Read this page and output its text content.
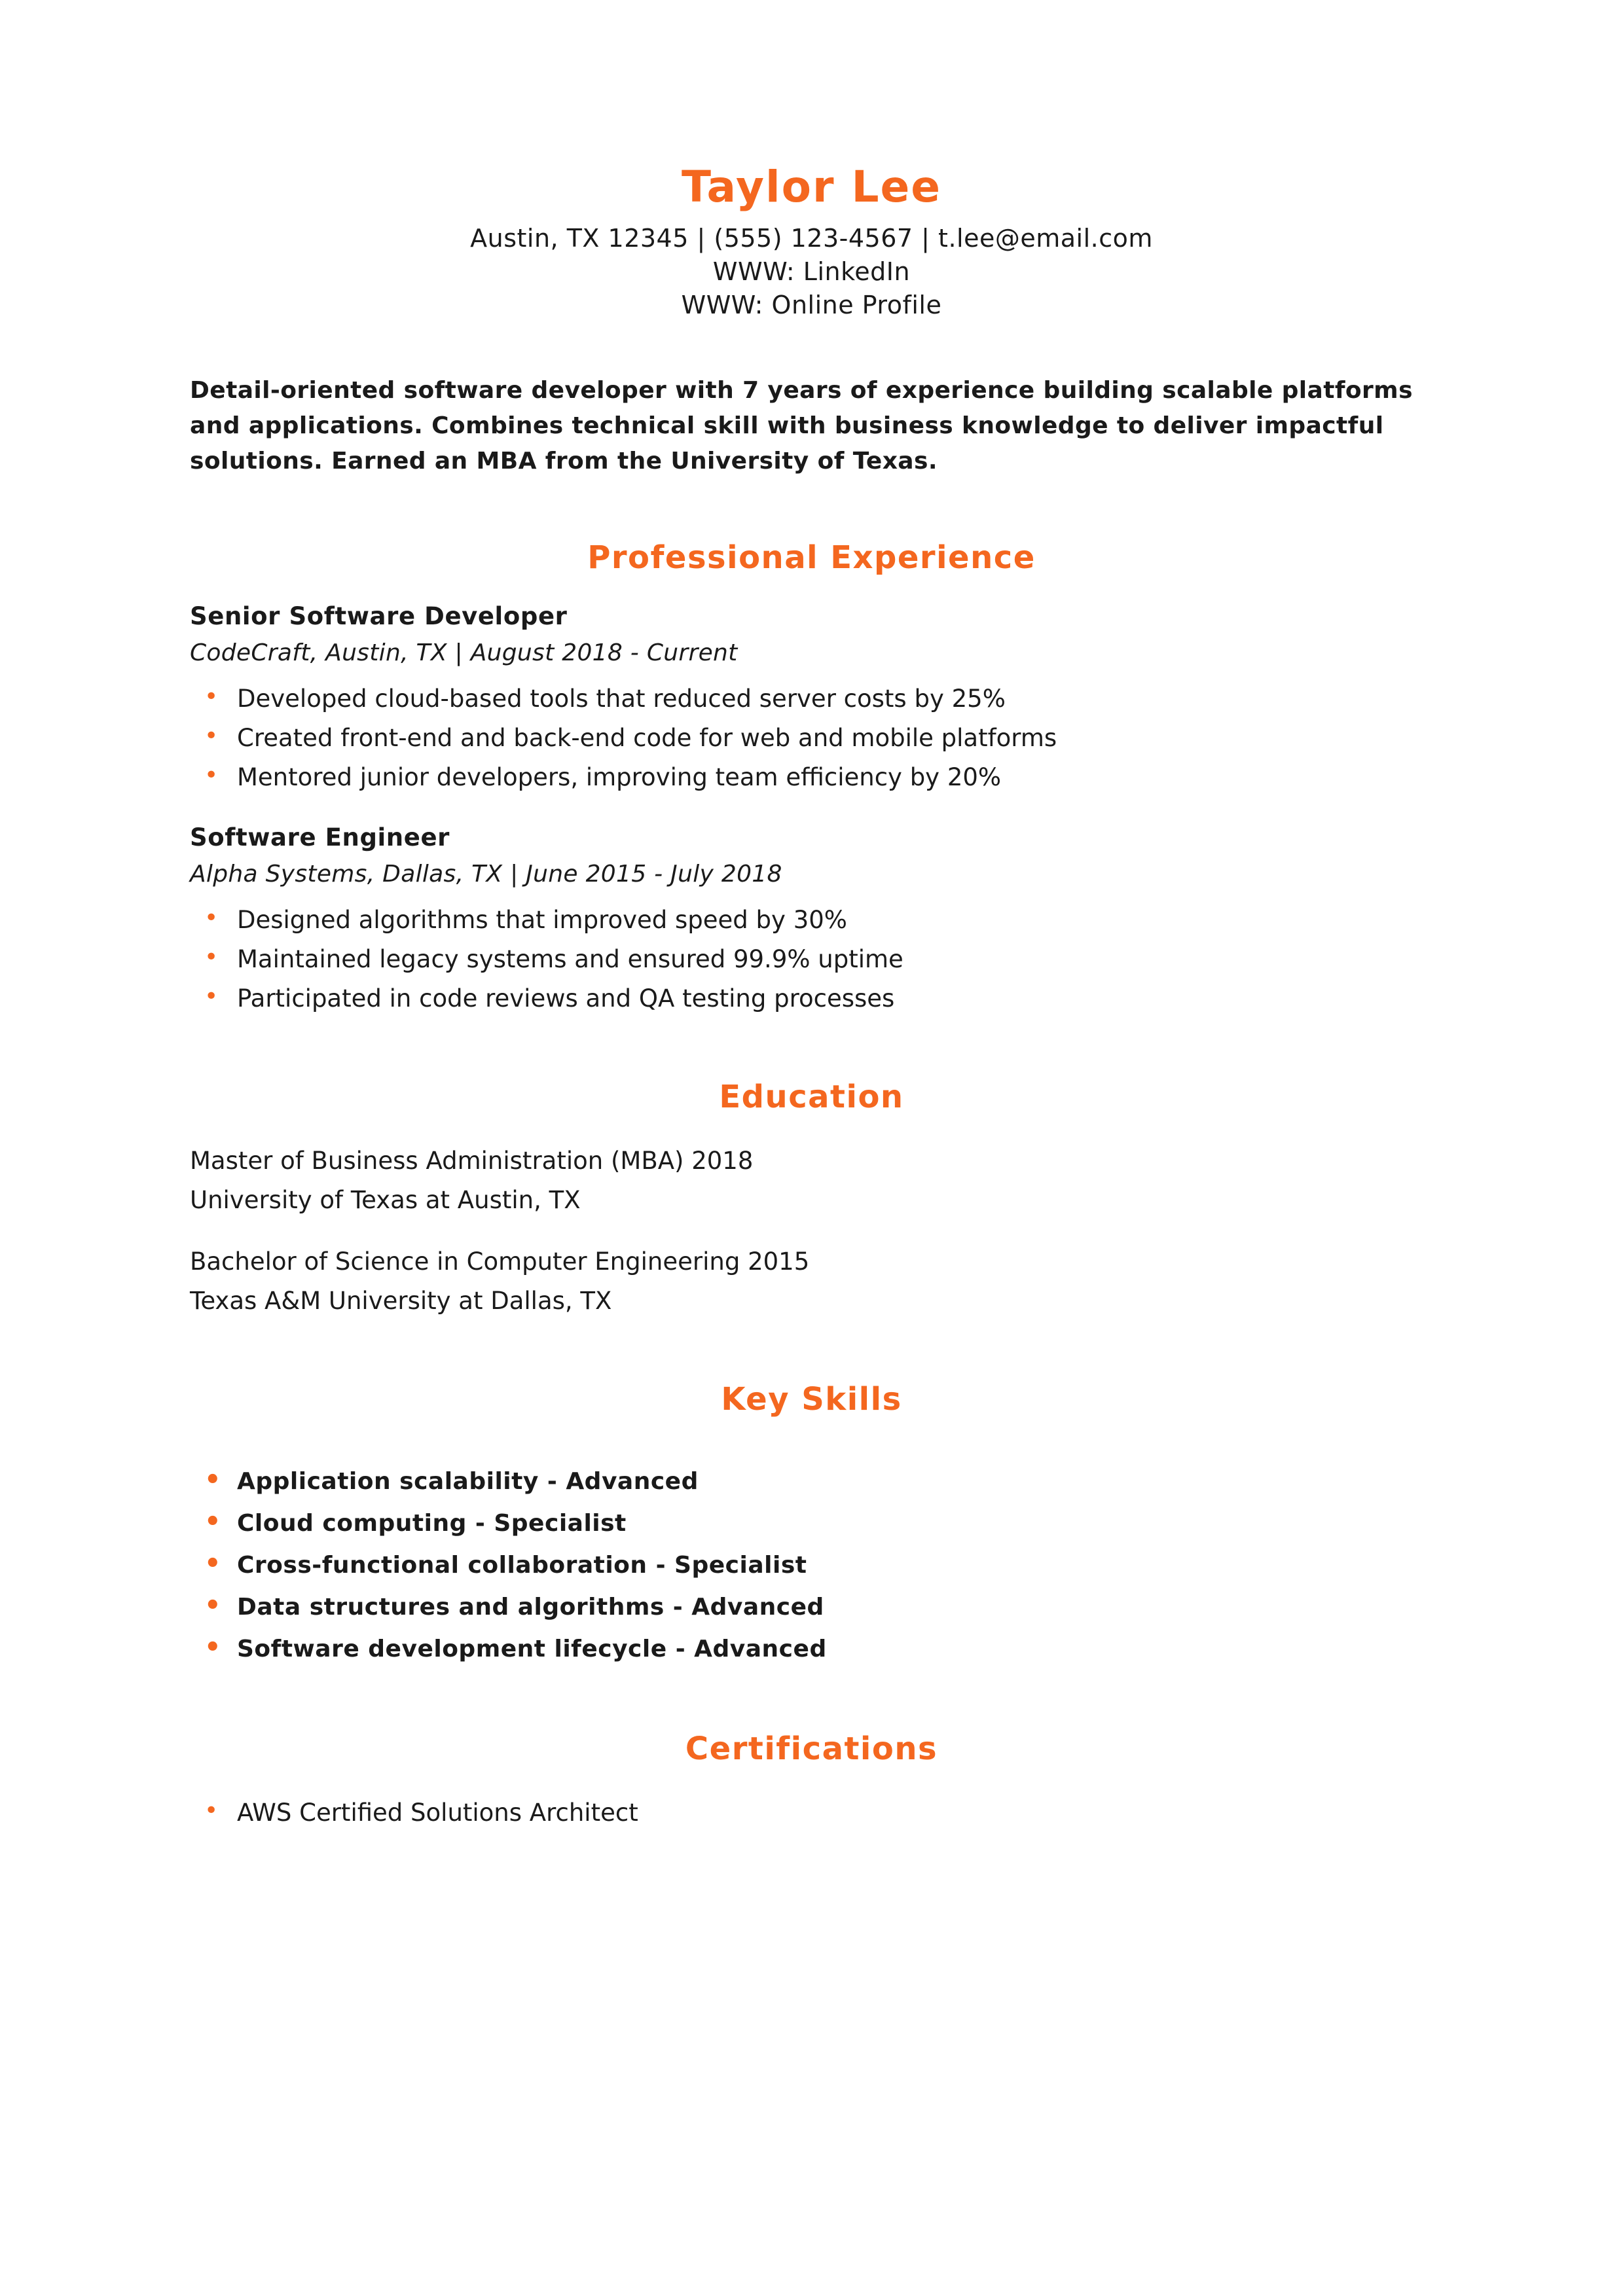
Taylor Lee
Austin, TX 12345 | (555) 123-4567 | t.lee@email.com
WWW: LinkedIn
WWW: Online Profile
Detail-oriented software developer with 7 years of experience building scalable platforms and applications. Combines technical skill with business knowledge to deliver impactful solutions. Earned an MBA from the University of Texas.
Professional Experience
Senior Software Developer
CodeCraft, Austin, TX | August 2018 - Current
• Developed cloud-based tools that reduced server costs by 25%
• Created front-end and back-end code for web and mobile platforms
• Mentored junior developers, improving team efficiency by 20%
Software Engineer
Alpha Systems, Dallas, TX | June 2015 - July 2018
• Designed algorithms that improved speed by 30%
• Maintained legacy systems and ensured 99.9% uptime
• Participated in code reviews and QA testing processes
Education
Master of Business Administration (MBA) 2018
University of Texas at Austin, TX
Bachelor of Science in Computer Engineering 2015
Texas A&M University at Dallas, TX
Key Skills
• Application scalability - Advanced
• Cloud computing - Specialist
• Cross-functional collaboration - Specialist
• Data structures and algorithms - Advanced
• Software development lifecycle - Advanced
Certifications
• AWS Certified Solutions Architect
